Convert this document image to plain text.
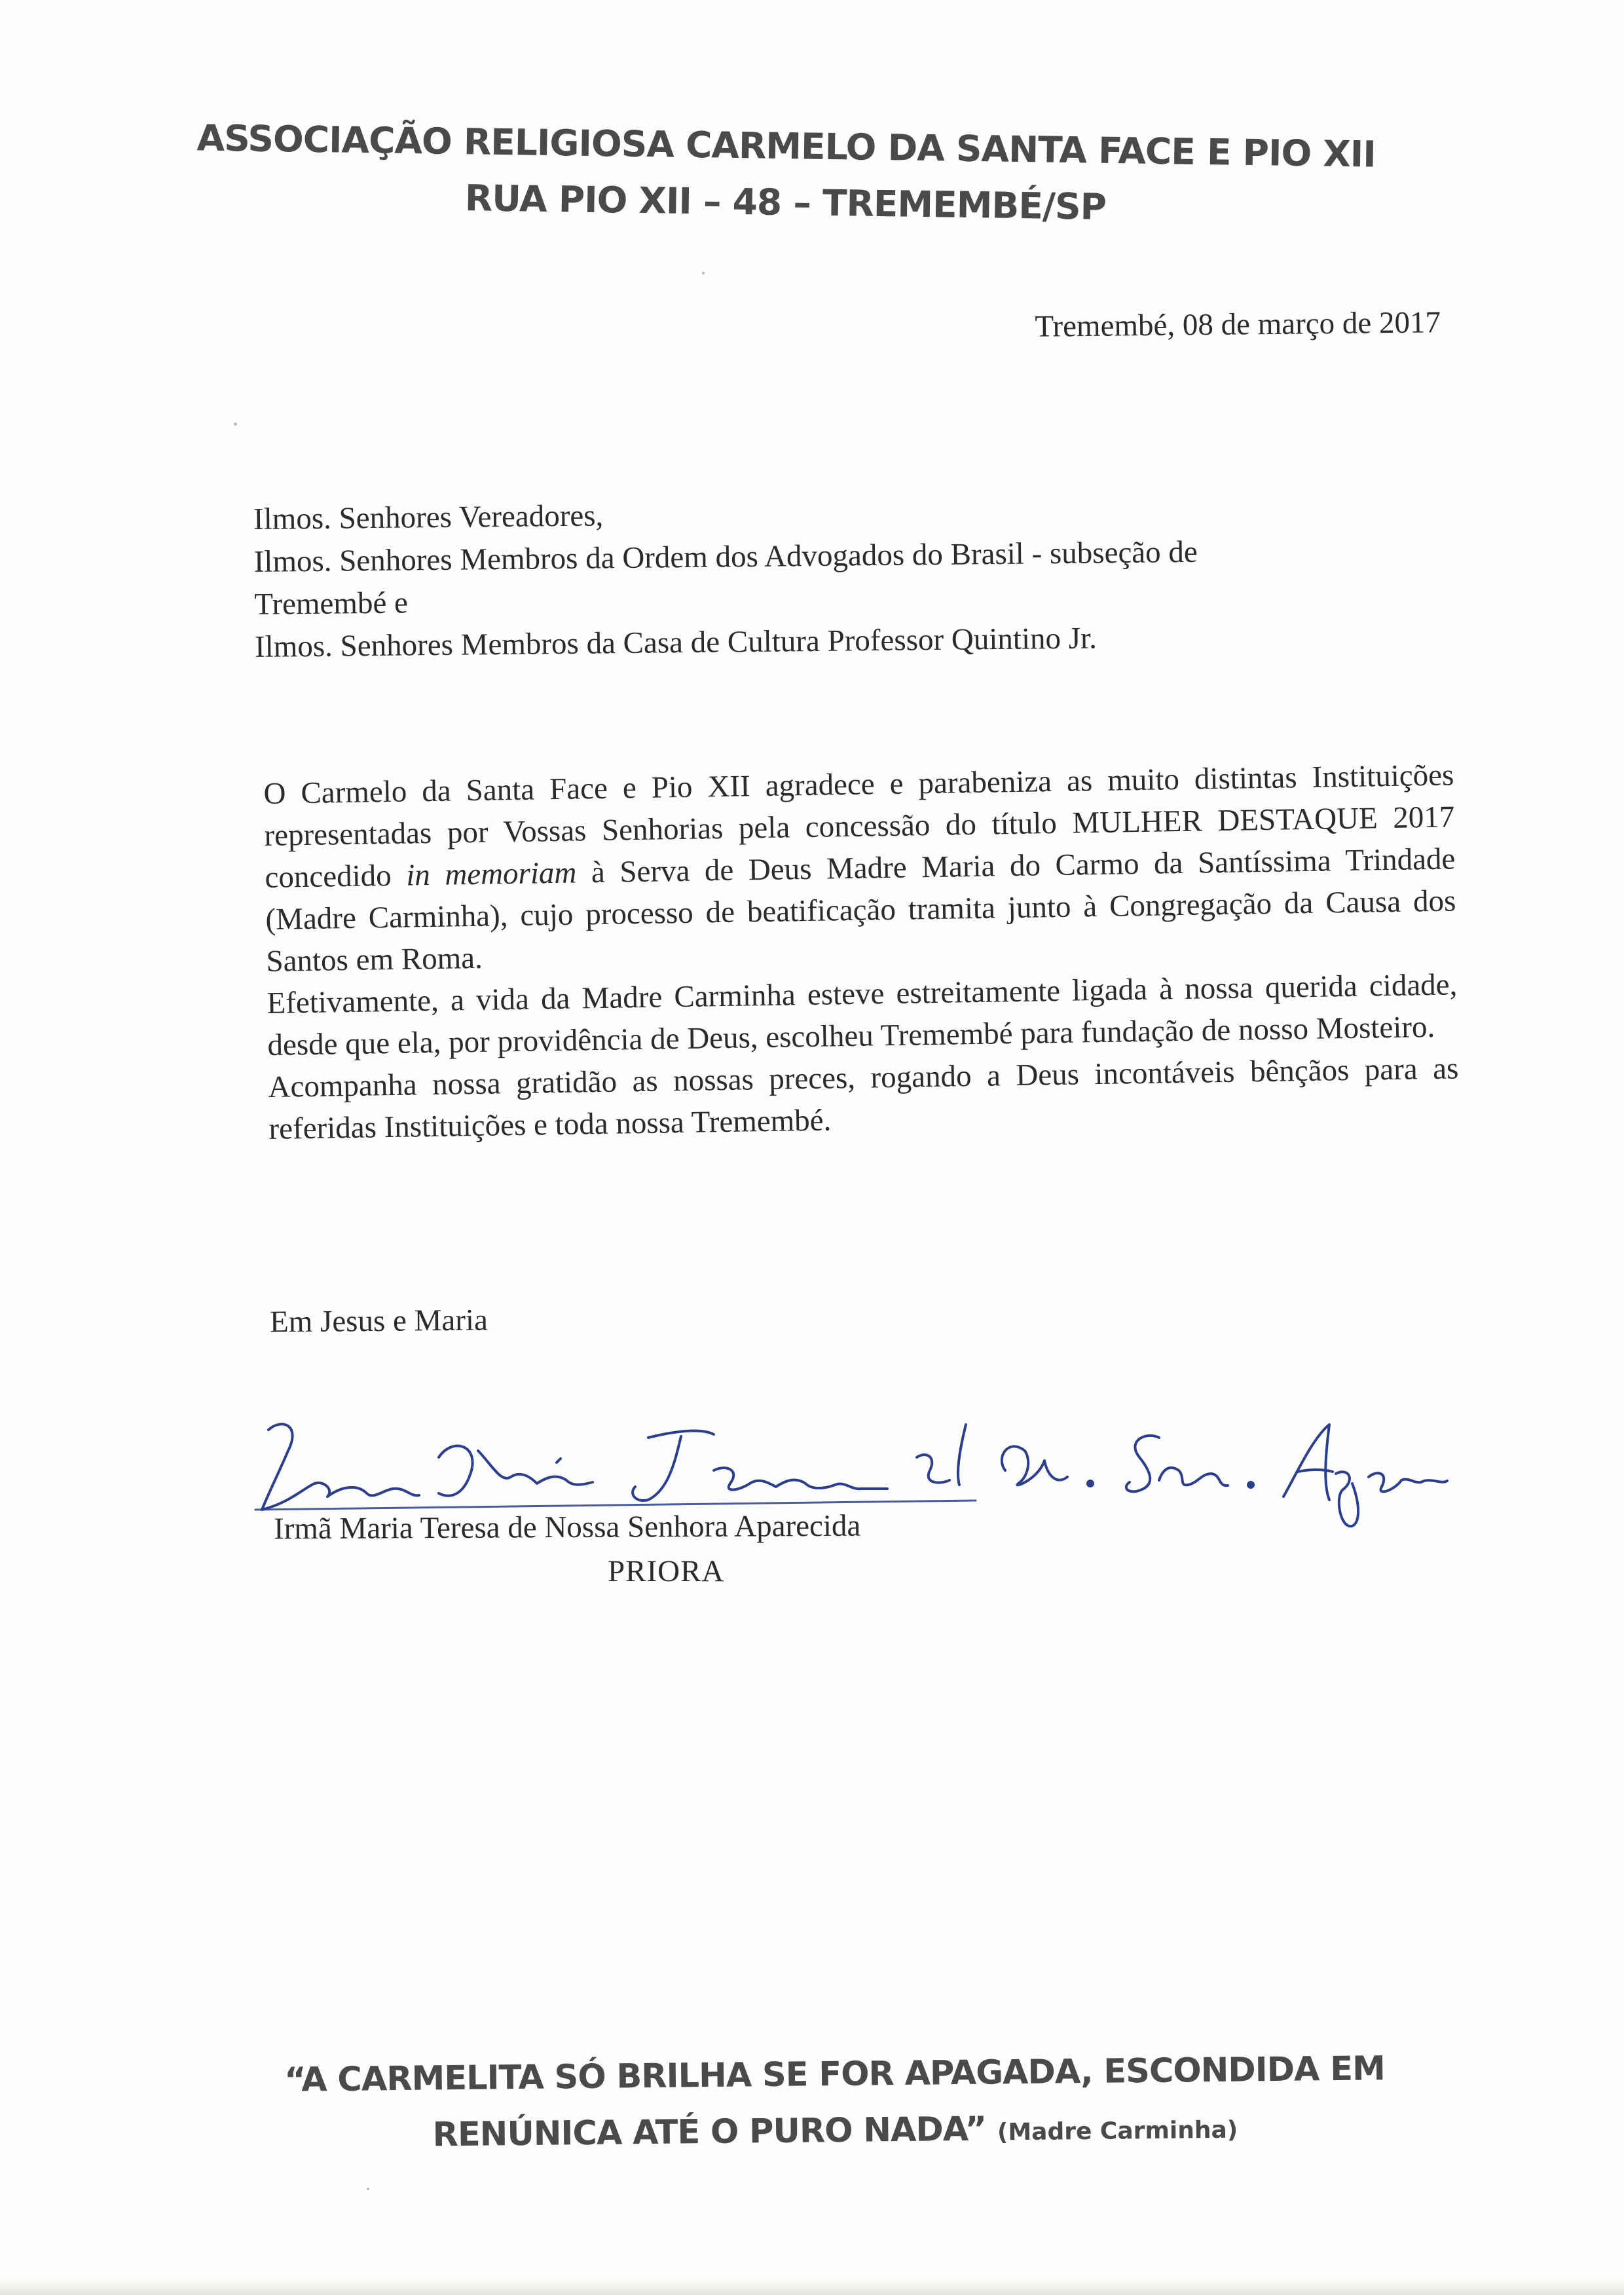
ASSOCIAÇÃO RELIGIOSA CARMELO DA SANTA FACE E PIO XII
RUA PIO XII – 48 – TREMEMBÉ/SP
Tremembé, 08 de março de 2017
Ilmos. Senhores Vereadores,
Ilmos. Senhores Membros da Ordem dos Advogados do Brasil - subseção de
Tremembé e
Ilmos. Senhores Membros da Casa de Cultura Professor Quintino Jr.

O Carmelo da Santa Face e Pio XII agradece e parabeniza as muito distintas Instituições representadas por Vossas Senhorias pela concessão do título MULHER DESTAQUE 2017 concedido in memoriam à Serva de Deus Madre Maria do Carmo da Santíssima Trindade (Madre Carminha), cujo processo de beatificação tramita junto à Congregação da Causa dos Santos em Roma.

Efetivamente, a vida da Madre Carminha esteve estreitamente ligada à nossa querida cidade, desde que ela, por providência de Deus, escolheu Tremembé para fundação de nosso Mosteiro.

Acompanha nossa gratidão as nossas preces, rogando a Deus incontáveis bênçãos para as referidas Instituições e toda nossa Tremembé.

Em Jesus e Maria
Irmã Maria Teresa de Nossa Senhora Aparecida
PRIORA
“A CARMELITA SÓ BRILHA SE FOR APAGADA, ESCONDIDA EM
RENÚNICA ATÉ O PURO NADA” (Madre Carminha)
